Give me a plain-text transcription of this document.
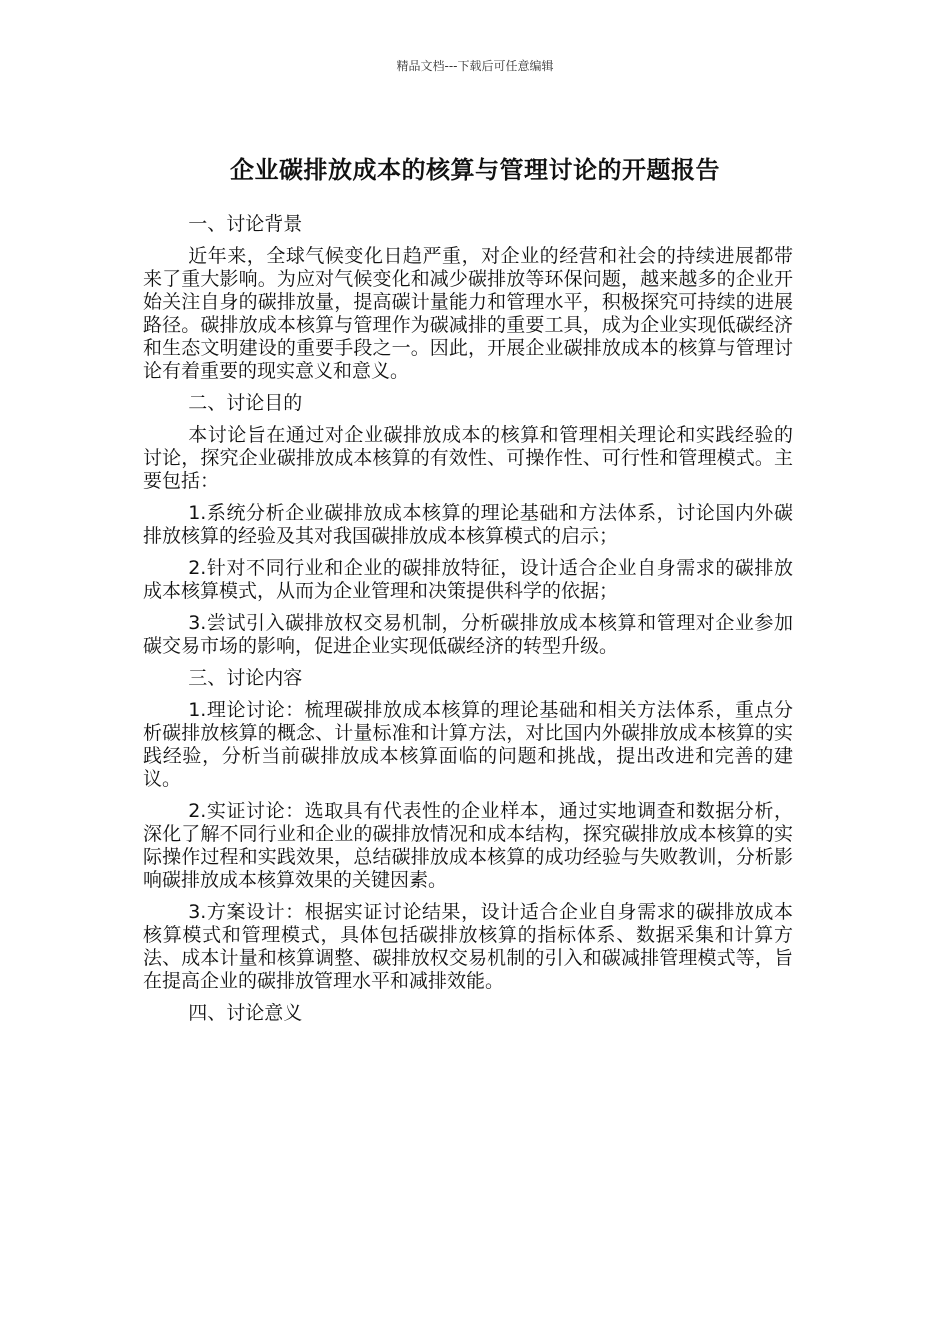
精品文档---下载后可任意编辑
企业碳排放成本的核算与管理讨论的开题报告

一、讨论背景

近年来，全球气候变化日趋严重，对企业的经营和社会的持续进展都带来了重大影响。为应对气候变化和减少碳排放等环保问题，越来越多的企业开始关注自身的碳排放量，提高碳计量能力和管理水平，积极探究可持续的进展路径。碳排放成本核算与管理作为碳减排的重要工具，成为企业实现低碳经济和生态文明建设的重要手段之一。因此，开展企业碳排放成本的核算与管理讨论有着重要的现实意义和意义。

二、讨论目的

本讨论旨在通过对企业碳排放成本的核算和管理相关理论和实践经验的讨论，探究企业碳排放成本核算的有效性、可操作性、可行性和管理模式。主要包括：

1.系统分析企业碳排放成本核算的理论基础和方法体系，讨论国内外碳排放核算的经验及其对我国碳排放成本核算模式的启示；

2.针对不同行业和企业的碳排放特征，设计适合企业自身需求的碳排放成本核算模式，从而为企业管理和决策提供科学的依据；

3.尝试引入碳排放权交易机制，分析碳排放成本核算和管理对企业参加碳交易市场的影响，促进企业实现低碳经济的转型升级。

三、讨论内容

1.理论讨论：梳理碳排放成本核算的理论基础和相关方法体系，重点分析碳排放核算的概念、计量标准和计算方法，对比国内外碳排放成本核算的实践经验，分析当前碳排放成本核算面临的问题和挑战，提出改进和完善的建议。

2.实证讨论：选取具有代表性的企业样本，通过实地调查和数据分析，深化了解不同行业和企业的碳排放情况和成本结构，探究碳排放成本核算的实际操作过程和实践效果，总结碳排放成本核算的成功经验与失败教训，分析影响碳排放成本核算效果的关键因素。

3.方案设计：根据实证讨论结果，设计适合企业自身需求的碳排放成本核算模式和管理模式，具体包括碳排放核算的指标体系、数据采集和计算方法、成本计量和核算调整、碳排放权交易机制的引入和碳减排管理模式等，旨在提高企业的碳排放管理水平和减排效能。

四、讨论意义
